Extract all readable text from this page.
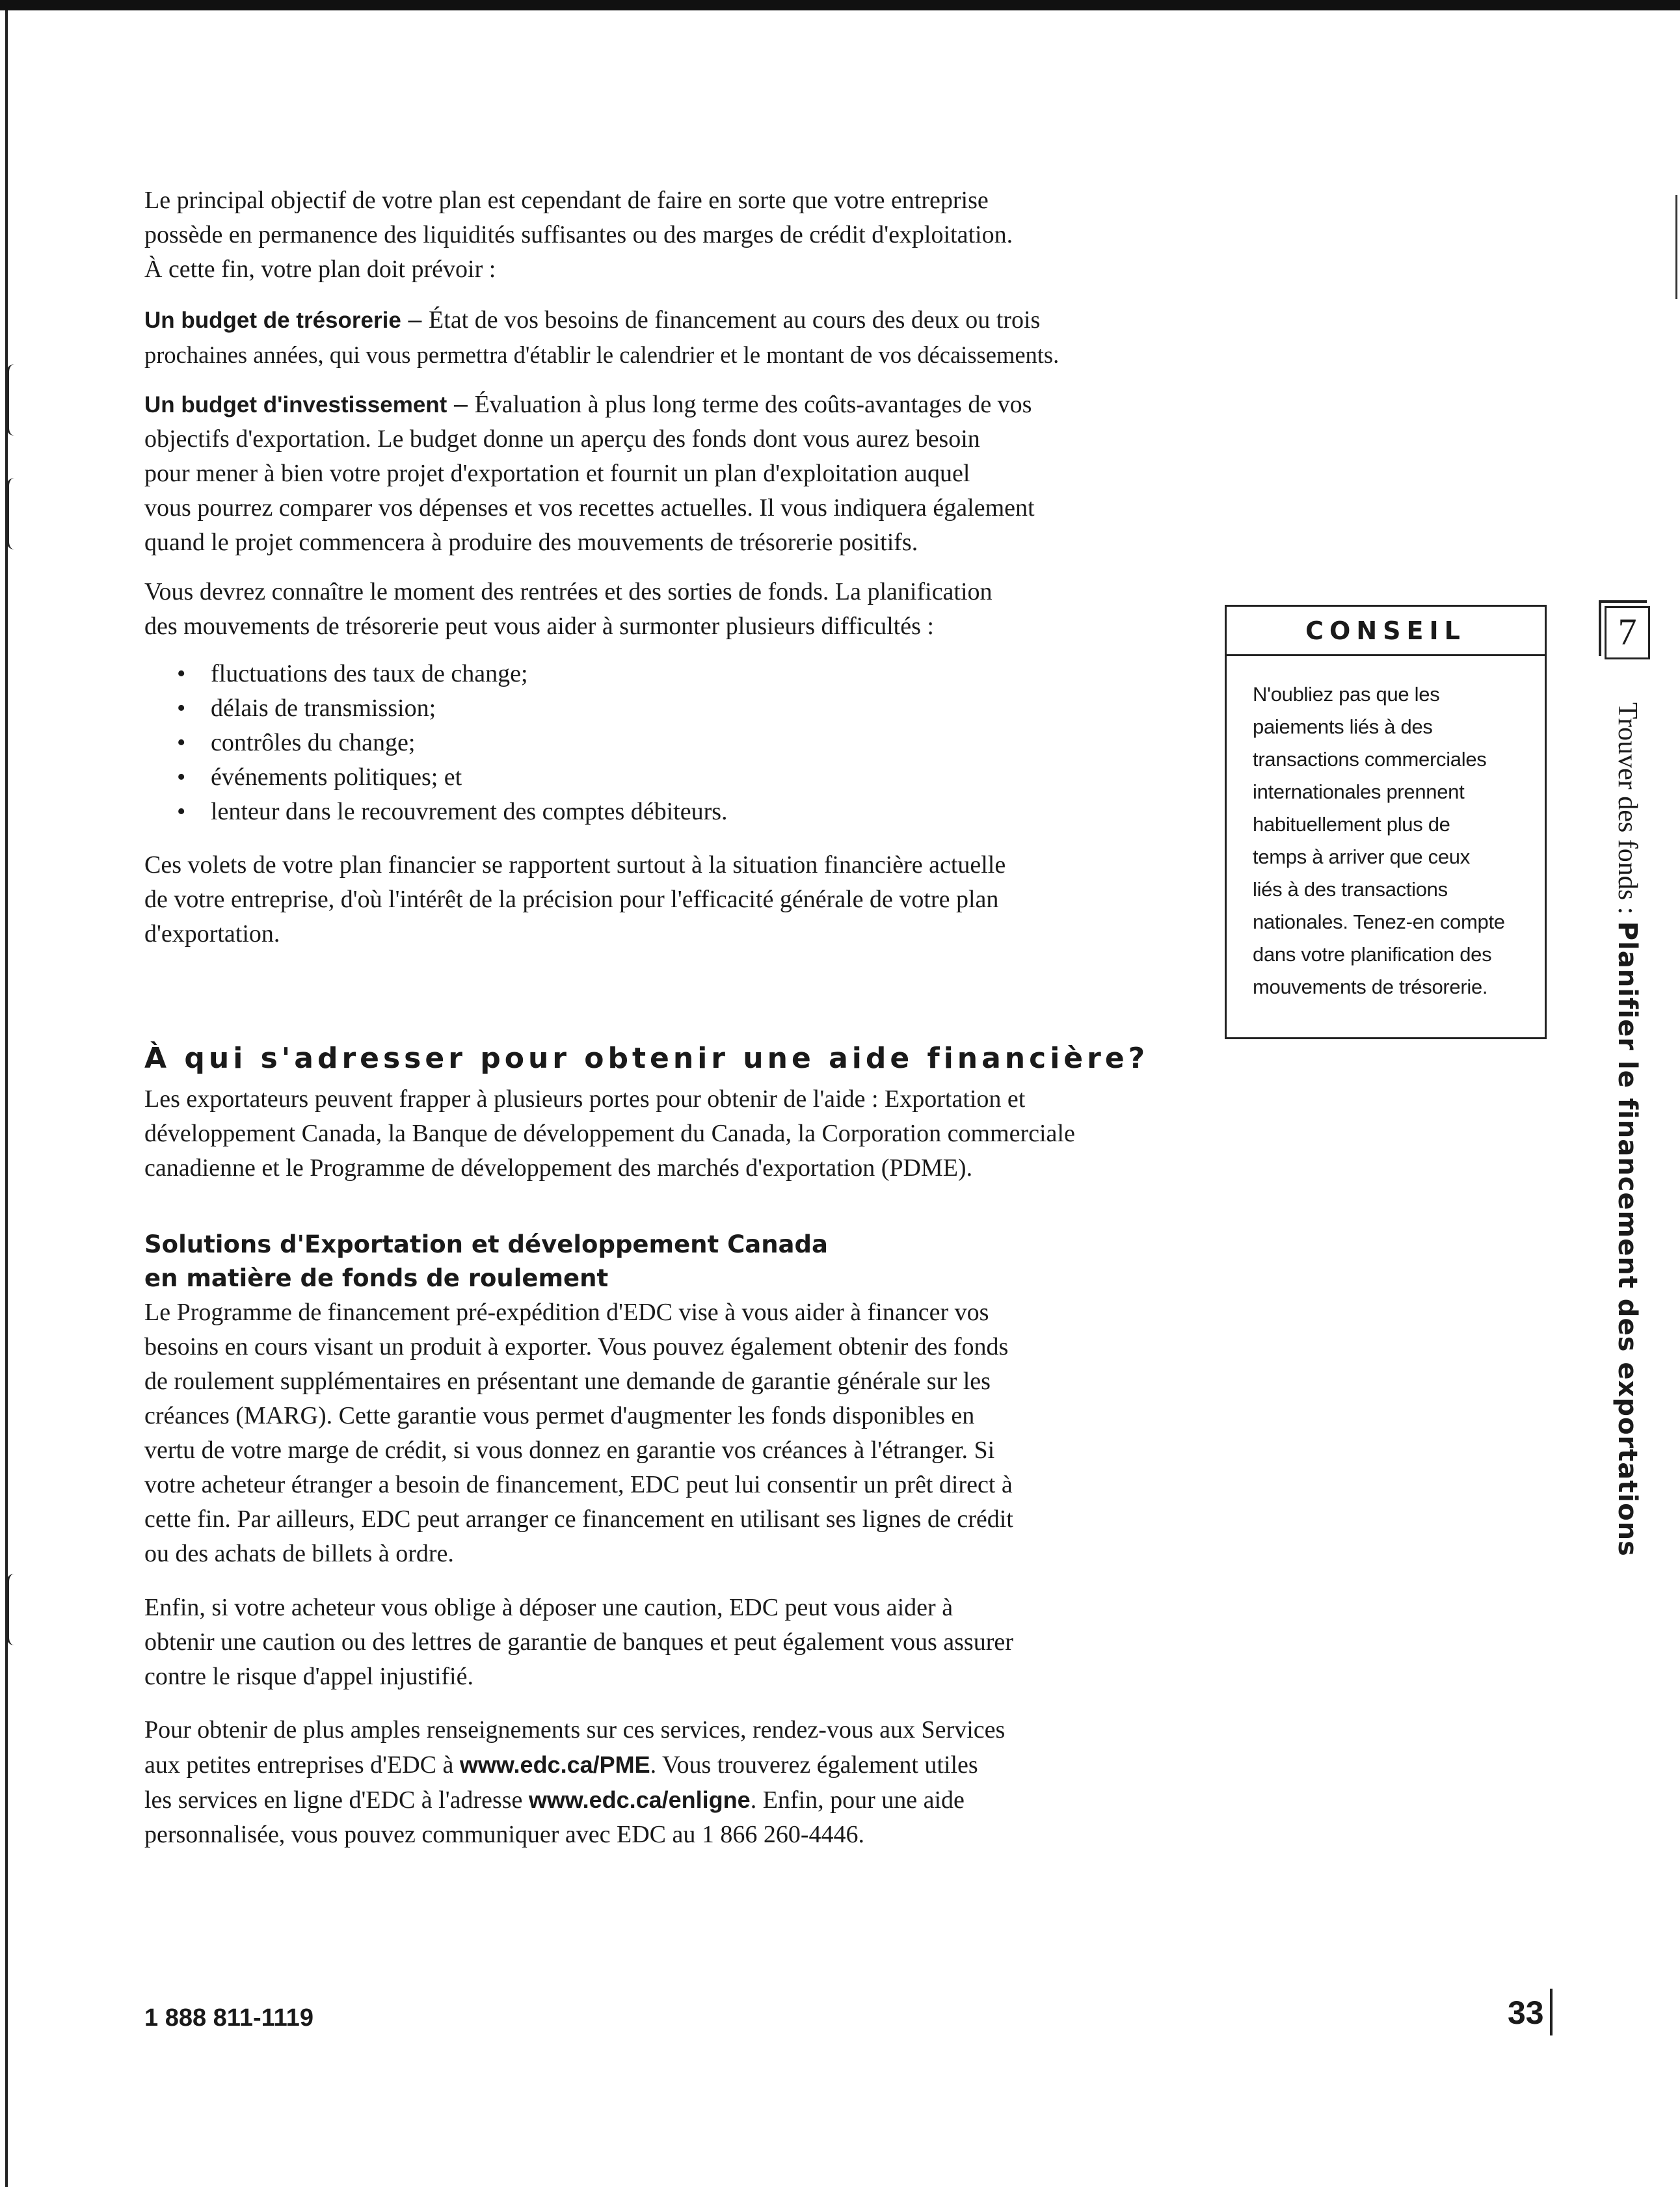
Le principal objectif de votre plan est cependant de faire en sorte que votre entreprise

possède en permanence des liquidités suffisantes ou des marges de crédit d'exploitation.

À cette fin, votre plan doit prévoir :

Un budget de trésorerie – État de vos besoins de financement au cours des deux ou trois

prochaines années, qui vous permettra d'établir le calendrier et le montant de vos décaissements.

Un budget d'investissement – Évaluation à plus long terme des coûts-avantages de vos

objectifs d'exportation. Le budget donne un aperçu des fonds dont vous aurez besoin

pour mener à bien votre projet d'exportation et fournit un plan d'exploitation auquel

vous pourrez comparer vos dépenses et vos recettes actuelles. Il vous indiquera également

quand le projet commencera à produire des mouvements de trésorerie positifs.

Vous devrez connaître le moment des rentrées et des sorties de fonds. La planification

des mouvements de trésorerie peut vous aider à surmonter plusieurs difficultés :

• fluctuations des taux de change;
• délais de transmission;
• contrôles du change;
• événements politiques; et
• lenteur dans le recouvrement des comptes débiteurs.

Ces volets de votre plan financier se rapportent surtout à la situation financière actuelle

de votre entreprise, d'où l'intérêt de la précision pour l'efficacité générale de votre plan

d'exportation.

À qui s'adresser pour obtenir une aide financière?

Les exportateurs peuvent frapper à plusieurs portes pour obtenir de l'aide : Exportation et

développement Canada, la Banque de développement du Canada, la Corporation commerciale

canadienne et le Programme de développement des marchés d'exportation (PDME).

Solutions d'Exportation et développement Canada
en matière de fonds de roulement

Le Programme de financement pré-expédition d'EDC vise à vous aider à financer vos

besoins en cours visant un produit à exporter. Vous pouvez également obtenir des fonds

de roulement supplémentaires en présentant une demande de garantie générale sur les

créances (MARG). Cette garantie vous permet d'augmenter les fonds disponibles en

vertu de votre marge de crédit, si vous donnez en garantie vos créances à l'étranger. Si

votre acheteur étranger a besoin de financement, EDC peut lui consentir un prêt direct à

cette fin. Par ailleurs, EDC peut arranger ce financement en utilisant ses lignes de crédit

ou des achats de billets à ordre.

Enfin, si votre acheteur vous oblige à déposer une caution, EDC peut vous aider à

obtenir une caution ou des lettres de garantie de banques et peut également vous assurer

contre le risque d'appel injustifié.

Pour obtenir de plus amples renseignements sur ces services, rendez-vous aux Services

aux petites entreprises d'EDC à www.edc.ca/PME. Vous trouverez également utiles

les services en ligne d'EDC à l'adresse www.edc.ca/enligne. Enfin, pour une aide

personnalisée, vous pouvez communiquer avec EDC au 1 866 260-4446.

CONSEIL
N'oubliez pas que les
paiements liés à des
transactions commerciales
internationales prennent
habituellement plus de
temps à arriver que ceux
liés à des transactions
nationales. Tenez-en compte
dans votre planification des
mouvements de trésorerie.
7
Trouver des fonds : Planifier le financement des exportations
1 888 811-1119	33
